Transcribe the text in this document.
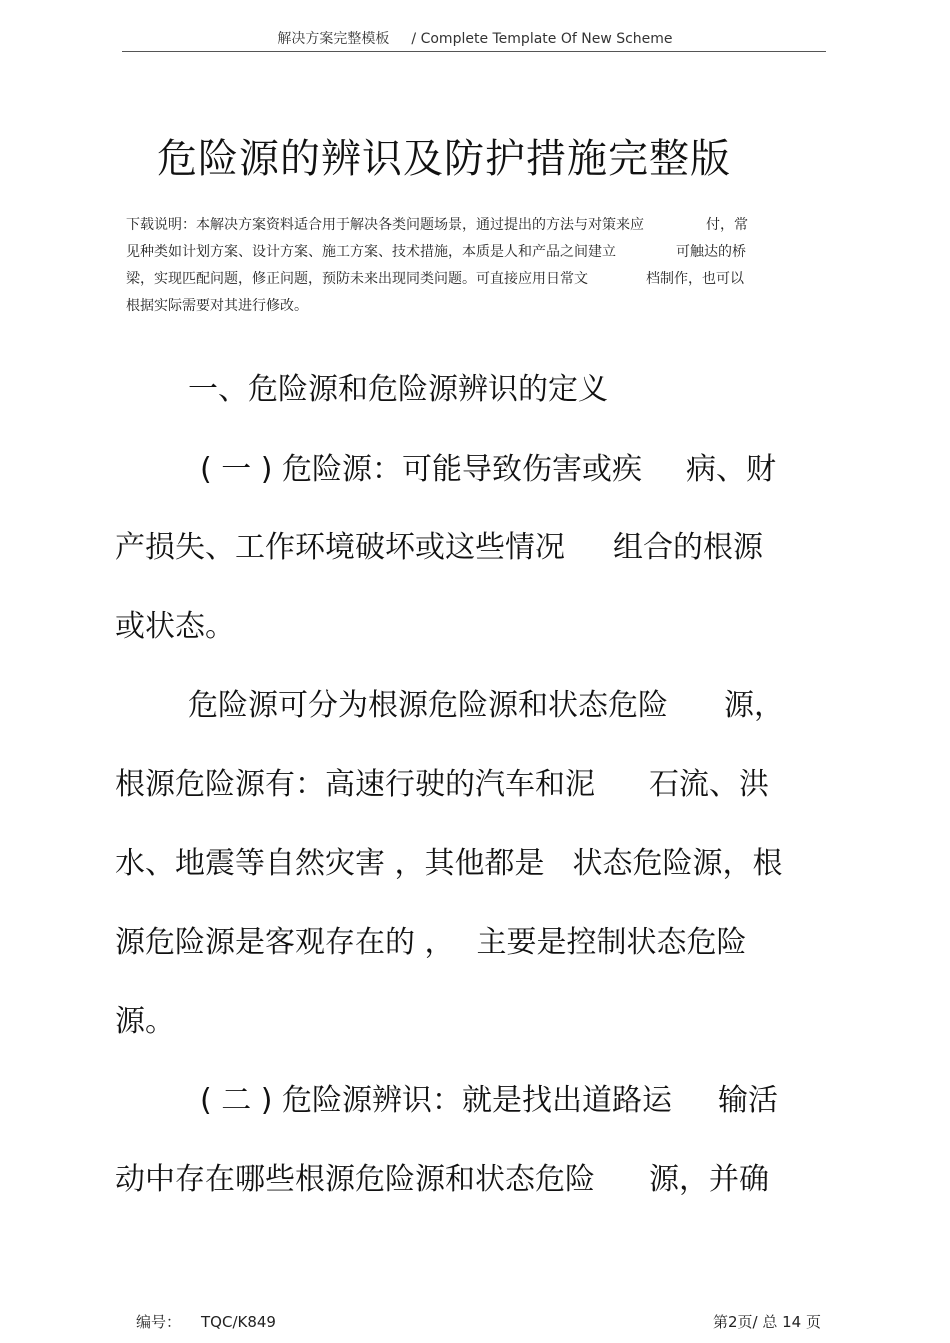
解决方案完整模板 / Complete Template Of New Scheme
危险源的辨识及防护措施完整版
下载说明：本解决方案资料适合用于解决各类问题场景，通过提出的方法与对策来应	付，常
见种类如计划方案、设计方案、施工方案、技术措施，本质是人和产品之间建立	可触达的桥
梁，实现匹配问题，修正问题，预防未来出现同类问题。可直接应用日常文	档制作，也可以
根据实际需要对其进行修改。
一、危险源和危险源辨识的定义
( 一 ) 危险源：可能导致伤害或疾 病、财
产损失、工作环境破坏或这些情况 组合的根源
或状态。
危险源可分为根源危险源和状态危险 源，
根源危险源有：高速行驶的汽车和泥 石流、洪
水、地震等自然灾害 ，其他都是 状态危险源，根
源危险源是客观存在的 ， 主要是控制状态危险
源。
( 二 ) 危险源辨识：就是找出道路运 输活
动中存在哪些根源危险源和状态危险 源，并确
编号： TQC/K849	第2页/ 总 14 页
